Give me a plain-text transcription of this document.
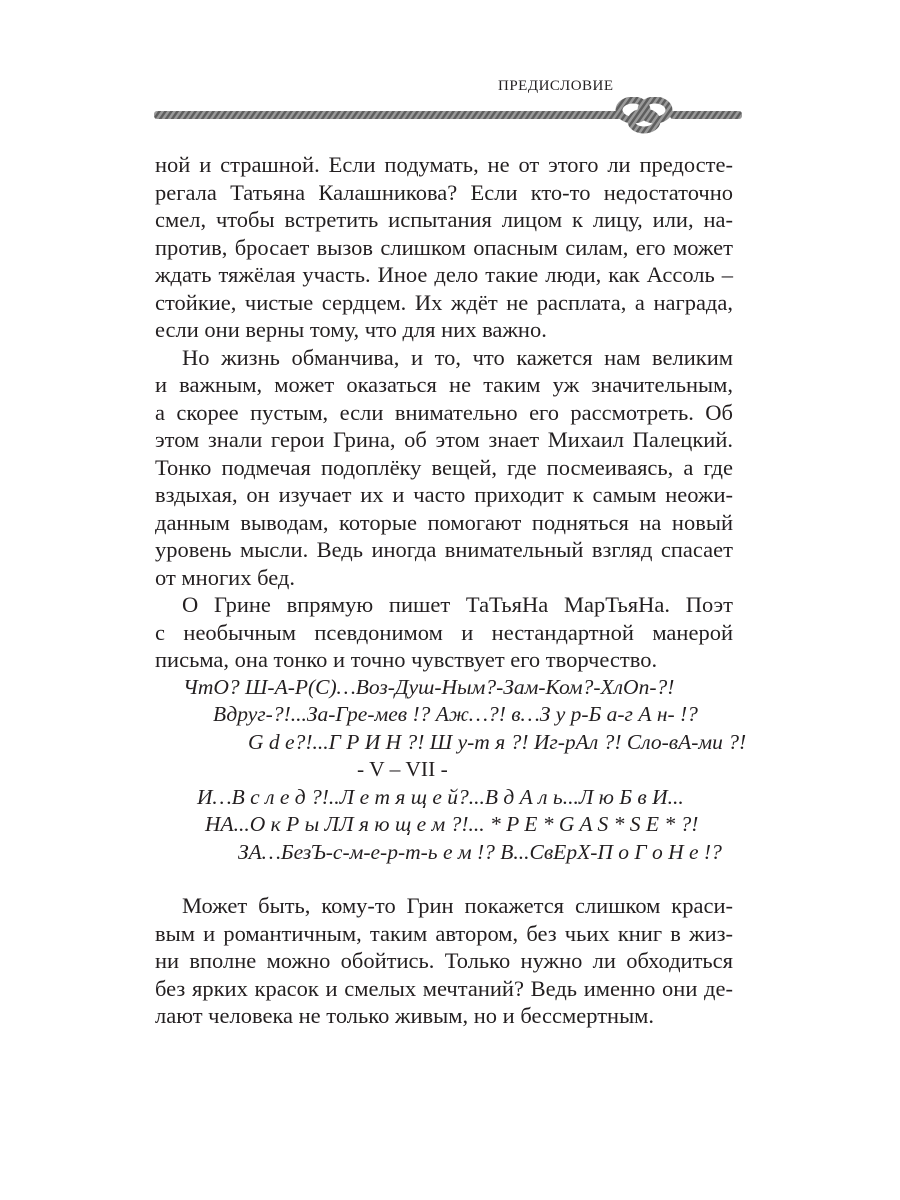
ПРЕДИСЛОВИЕ
ной и страшной. Если подумать, не от этого ли предосте-
регала Татьяна Калашникова? Если кто-то недостаточно
смел, чтобы встретить испытания лицом к лицу, или, на-
против, бросает вызов слишком опасным силам, его может
ждать тяжёлая участь. Иное дело такие люди, как Ассоль –
стойкие, чистые сердцем. Их ждёт не расплата, а награда,
если они верны тому, что для них важно.
Но жизнь обманчива, и то, что кажется нам великим
и важным, может оказаться не таким уж значительным,
а скорее пустым, если внимательно его рассмотреть. Об
этом знали герои Грина, об этом знает Михаил Палецкий.
Тонко подмечая подоплёку вещей, где посмеиваясь, а где
вздыхая, он изучает их и часто приходит к самым неожи-
данным выводам, которые помогают подняться на новый
уровень мысли. Ведь иногда внимательный взгляд спасает
от многих бед.
О Грине впрямую пишет ТаТьяНа МарТьяНа. Поэт
с необычным псевдонимом и нестандартной манерой
письма, она тонко и точно чувствует его творчество.
ЧтО? Ш-А-Р(С)…Воз-Душ-Ным?-Зам-Ком?-ХлОп-?!
Вдруг-?!...За-Гре-мев !? Аж…?! в…З у р-Б а-г А н- !?
G d е?!...Г Р И Н ?! Ш у-т я ?! Иг-рАл ?! Сло-вА-ми ?!
- V – VII -
И…В с л е д ?!..Л е т я щ е й?...В д А л ь...Л ю Б в И...
НА...О к Р ы ЛЛ я ю щ е м ?!... * P E * G A S * S E * ?!
ЗА…БезЪ-с-м-е-р-т-ь е м !? В...СвЕрХ-П о Г о Н е !?
Может быть, кому-то Грин покажется слишком краси-
вым и романтичным, таким автором, без чьих книг в жиз-
ни вполне можно обойтись. Только нужно ли обходиться
без ярких красок и смелых мечтаний? Ведь именно они де-
лают человека не только живым, но и бессмертным.
